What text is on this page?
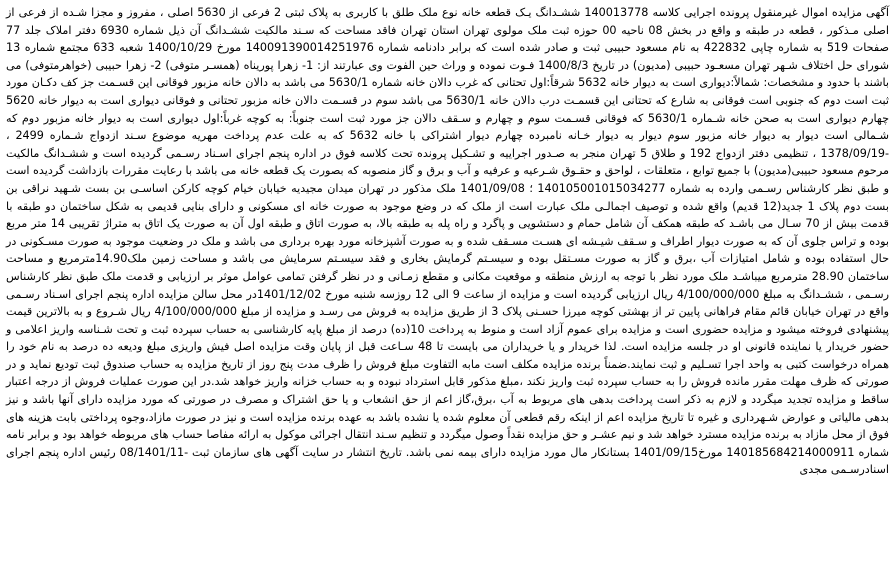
آگهی مزایده اموال غیرمنقول پرونده اجرایی کلاسه 140013778 ششـدانگ یـک قطعه خانه نوع ملک طلق با کاربری به پلاک ثبتی 2 فرعی از 5630 اصلی ، مفروز و مجزا شـده از فرعی از اصلی مـذکور ، قطعه در طبقه و واقع در بخش 08 ناحیه 00 حوزه ثبت ملک مولوی تهران استان تهران فاقد مساحت که سـند مالکیت ششـدانگ آن ذیل شماره 6930 دفتر املاک جلد 77 صفحات 519 به شماره چاپی 422832 به نام مسعود حبیبی ثبت و صادر شده است که برابر دادنامه شماره 140091390014251976 مورخ 1400/10/29 شعبه 633 مجتمع شماره 13 شورای حل اختلاف شـهر تهران مسعـود حبیبی (مدیون) در تاریخ 1400/8/3 فـوت نموده و وراث حین الفوت وی عبارتند از: 1- زهرا پوریناه (همسـر متوفی) 2- زهرا حبیبی (خواهرمتوفی) می باشند با حدود و مشخصات: شمالاً:دیواری است به دیوار خانه 5632 شرقاً:اول تحتانی که غرب دالان خانه شماره 5630/1 می باشد به دالان خانه مزبور فوقانی این قسـمت جز کف دکـان مورد ثبت است دوم که جنوبی است فوقانی به شارع که تحتانی این قسمـت درب دالان خانه 5630/1 می باشد سوم در قسـمت دالان خانه مزبور تحتانی و فوقانی دیواری است به دیوار خانه 5620 چهارم دیواری است به صحن خانه شـماره 5630/1 که فوقانی قسـمت سوم و چهارم و سـقف دالان جز مورد ثبت است جنوباً: به کوچه غرباً:اول دیواری است به دیوار خانه مزبور دوم که شـمالی است دیوار به دیوار خانه مزبور سوم دیوار به دیوار خـانه نامبرده چهارم دیوار اشتراکی با خانه 5632 که به علت عدم پرداخت مهریه موضوع سـند ازدواج شـماره 2499 ، -1378/09/19 ، تنظیمی دفتر ازدواج 192 و طلاق 5 تهران منجر به صـدور اجراییه و تشـکیل پرونده تحت کلاسه فوق در اداره پنجم اجرای اسـناد رسـمی گردیده است و ششـدانگ مالکیت مرحوم مسعود حبیبی(مدیون) با جمیع توابع ، متعلقات ، لواحق و حقـوق شـرعیه و عرفیه و آب و برق و گاز منصوبه که بصورت یک قطعه خانه می باشد با رعایت مقررات بازداشت گردیده است و طبق نظر کارشناس رسـمی وارده به شماره 140105001015034277 ؛ 1401/09/08 ملک مذکور در تهران میدان مجیدیه خیابان خیام کوچه کارکن اساسـی بن بست شـهید نراقی بن بست دوم پلاک 1 جدید(12 قدیم) واقع شده و توصیف اجمالـی ملک عبارت است از ملک که در وضع موجود به صورت خانه ای مسکونی و دارای بنایی قدیمی به شکل ساختمان دو طبقه با قدمت بیش از 70 سـال می باشـد که طبقه همکف آن شامل حمام و دستشویی و پاگرد و راه پله به طبقه بالا، به صورت اتاق و طبقه اول آن به صورت یک اتاق به متراژ تقریبی 14 متر مربع بوده و تراس جلوی آن که به صورت دیوار اطراف و سـقف شیـشه ای هسـت مسـقف شده و به صورت آشپزخانه مورد بهره برداری می باشد و ملک در وضعیت موجود به صورت مسـکونی در حال استفاده بوده و شامل امتیازات آب ،برق و گاز به صورت مسـتقل بوده و سیسـتم گرمایش بخاری و فقد سیسـتم سرمایش می باشد و مساحت زمین ملک14.90مترمربع و مساحت ساختمان 28.90 مترمربع میباشـد ملک مورد نظر با توجه به ارزش منطقه و موقعیت مکانی و مقطع زمـانی و در نظر گرفتن تمامی عوامل موثر بر ارزیابی و قدمت ملک طبق نظر کارشناس رسـمی ، ششـدانگ به مبلغ 4/100/000/000 ریال ارزیابی گردیده است و مزایده از ساعت 9 الی 12 روزسه شنبه مورخ 1401/12/02در محل سالن مزایده اداره پنجم اجرای اسـناد رسـمی واقع در تهران خیابان قائم مقام فراهانی پایین تر از بهشتی کوچه میرزا حسـنی پلاک 3 از طریق مزایده به فروش می رسـد و مزایده از مبلغ 4/100/000/000 ریال شـروع و به بالاترین قیمت پیشنهادی فروخته میشود و مزایده حضوری است و مزایده برای عموم آزاد است و منوط به پرداخت 10(ده) درصد از مبلغ پایه کارشناسی به حساب سپرده ثبت و تحت شـناسه واریز اعلامی و حضور خریدار یا نماینده قانونی او در جلسه مزایده است. لذا خریدار و یا خریداران می بایست تا 48 سـاعت قبل از پایان وقت مزایده اصل فیش واریزی مبلغ ودیعه ده درصد به نام خود را همراه درخواست کتبی به واحد اجرا تسـلیم و ثبت نمایند.ضمناً برنده مزایده مکلف است مابه التفاوت مبلغ فروش را ظرف مدت پنج روز از تاریخ مزایده به حساب صندوق ثبت تودیع نماید و در صورتی که ظرف مهلت مقرر مانده فروش را به حساب سپرده ثبت واریز نکند ،مبلغ مذکور قابل استرداد نبوده و به حساب خزانه واریز خواهد شد.در این صورت عملیات فروش از درجه اعتبار ساقط و مزایده تجدید میگردد و لازم به ذکر است پرداخت بدهی های مربوط به آب ،برق،گاز اعم از حق انشعاب و یا حق اشتراک و مصرف در صورتی که مورد مزایده دارای آنها باشد و نیز بدهی مالیاتی و عوارض شـهرداری و غیره تا تاریخ مزایده اعم از اینکه رقم قطعی آن معلوم شده یا نشده باشد به عهده برنده مزایده است و نیز در صورت مازاد،وجوه پرداختی بابت هزینه های فوق از محل مازاد به برنده مزایده مسترد خواهد شد و نیم عشـر و حق مزایده نقداً وصول میگردد و تنظیم سـند انتقال اجرائی موکول به ارائه مفاصا حساب های مربوطه خواهد بود و برابر نامه شماره 140185684214000911 مورخ1401/09/15 بستانکار مال مورد مزایده دارای بیمه نمی باشد. تاریخ انتشار در سایت آگهی های سازمان ثبت -08/1401/11 رئیس اداره پنجم اجرای اسنادرسـمی مجدی
